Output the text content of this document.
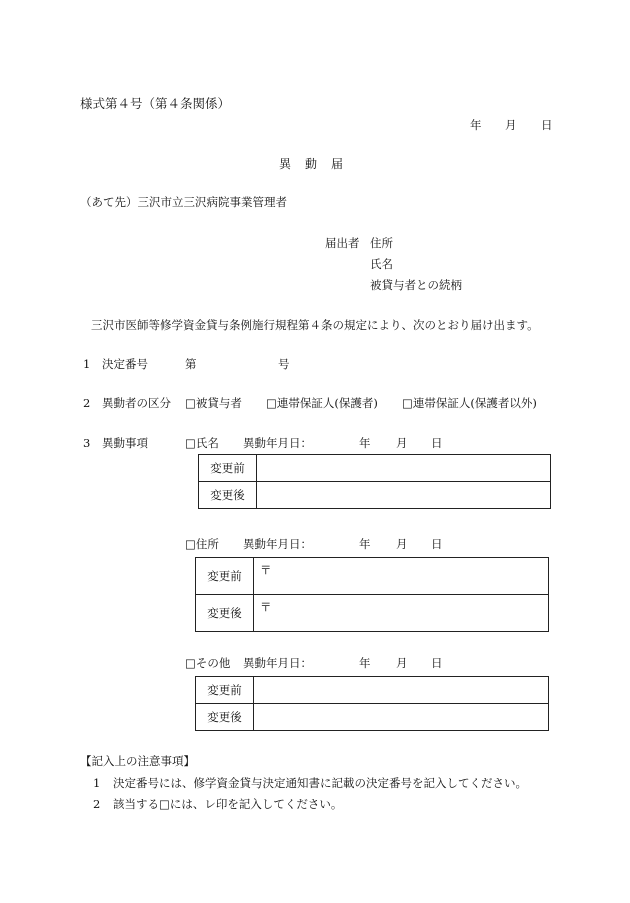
様式第４号（第４条関係）
年 月 日
異　動　届
（あて先）三沢市立三沢病院事業管理者
届出者 住所
氏名
被貸与者との続柄
三沢市医師等修学資金貸与条例施行規程第４条の規定により、次のとおり届け出ます。
1 決定番号	第	号
2 異動者の区分 □被貸与者 □連帯保証人(保護者) □連帯保証人(保護者以外)
3 異動事項	□氏名 異動年月日：	年 月 日
変更前	
変更後	
□住所 異動年月日：	年 月 日
変更前	〒
変更後	〒
□その他 異動年月日：	年 月 日
変更前	
変更後	
【記入上の注意事項】
1 決定番号には、修学資金貸与決定通知書に記載の決定番号を記入してください。
2 該当する□には、レ印を記入してください。
